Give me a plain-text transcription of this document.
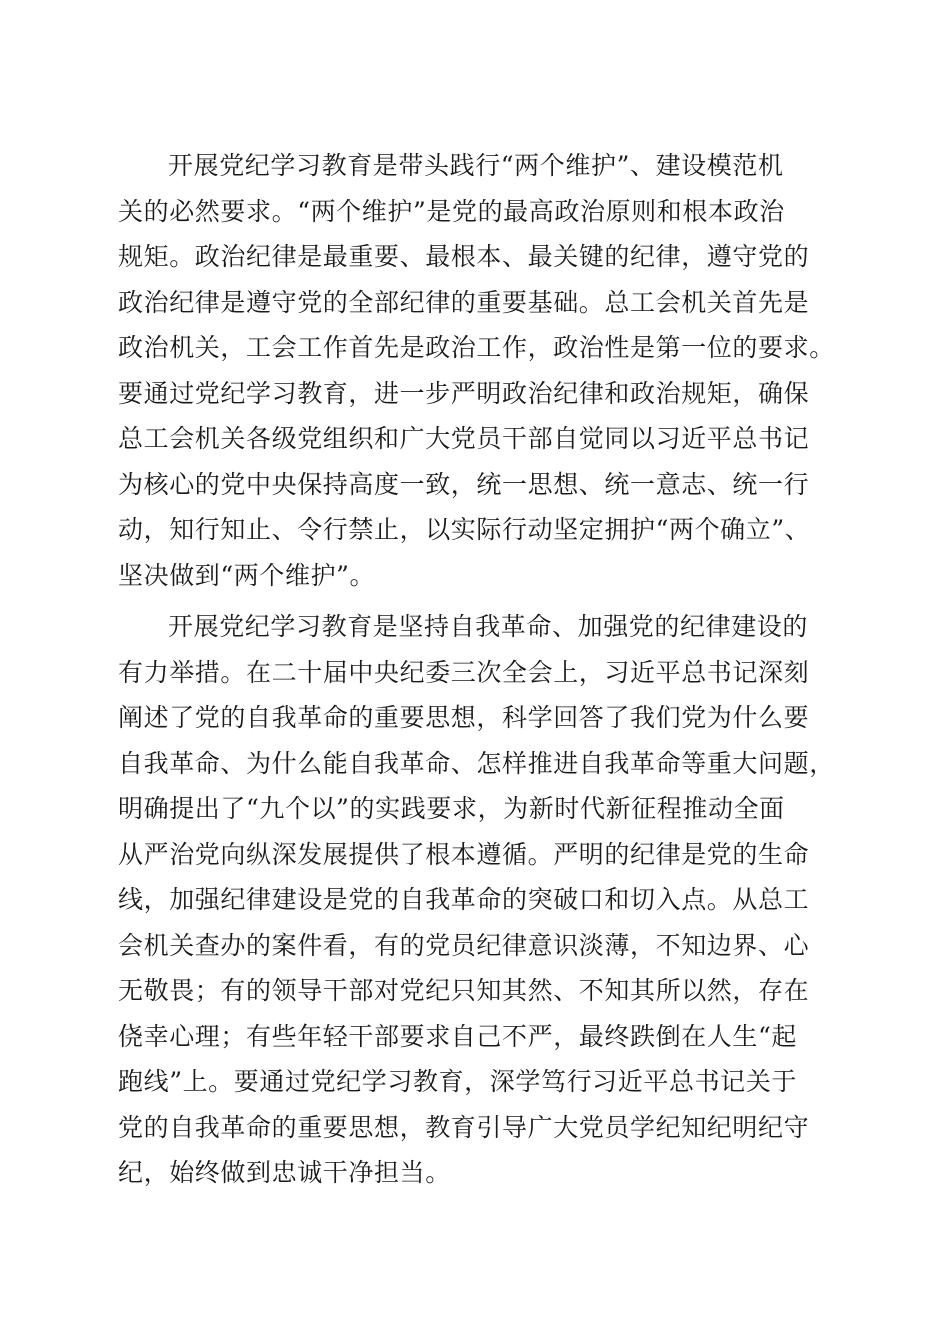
开展党纪学习教育是带头践行“两个维护”、建设模范机
关的必然要求。“两个维护”是党的最高政治原则和根本政治
规矩。政治纪律是最重要、最根本、最关键的纪律，遵守党的
政治纪律是遵守党的全部纪律的重要基础。总工会机关首先是
政治机关，工会工作首先是政治工作，政治性是第一位的要求。
要通过党纪学习教育，进一步严明政治纪律和政治规矩，确保
总工会机关各级党组织和广大党员干部自觉同以习近平总书记
为核心的党中央保持高度一致，统一思想、统一意志、统一行
动，知行知止、令行禁止，以实际行动坚定拥护“两个确立”、
坚决做到“两个维护”。
开展党纪学习教育是坚持自我革命、加强党的纪律建设的
有力举措。在二十届中央纪委三次全会上，习近平总书记深刻
阐述了党的自我革命的重要思想，科学回答了我们党为什么要
自我革命、为什么能自我革命、怎样推进自我革命等重大问题，
明确提出了“九个以”的实践要求，为新时代新征程推动全面
从严治党向纵深发展提供了根本遵循。严明的纪律是党的生命
线，加强纪律建设是党的自我革命的突破口和切入点。从总工
会机关查办的案件看，有的党员纪律意识淡薄，不知边界、心
无敬畏；有的领导干部对党纪只知其然、不知其所以然，存在
侥幸心理；有些年轻干部要求自己不严，最终跌倒在人生“起
跑线”上。要通过党纪学习教育，深学笃行习近平总书记关于
党的自我革命的重要思想，教育引导广大党员学纪知纪明纪守
纪，始终做到忠诚干净担当。
